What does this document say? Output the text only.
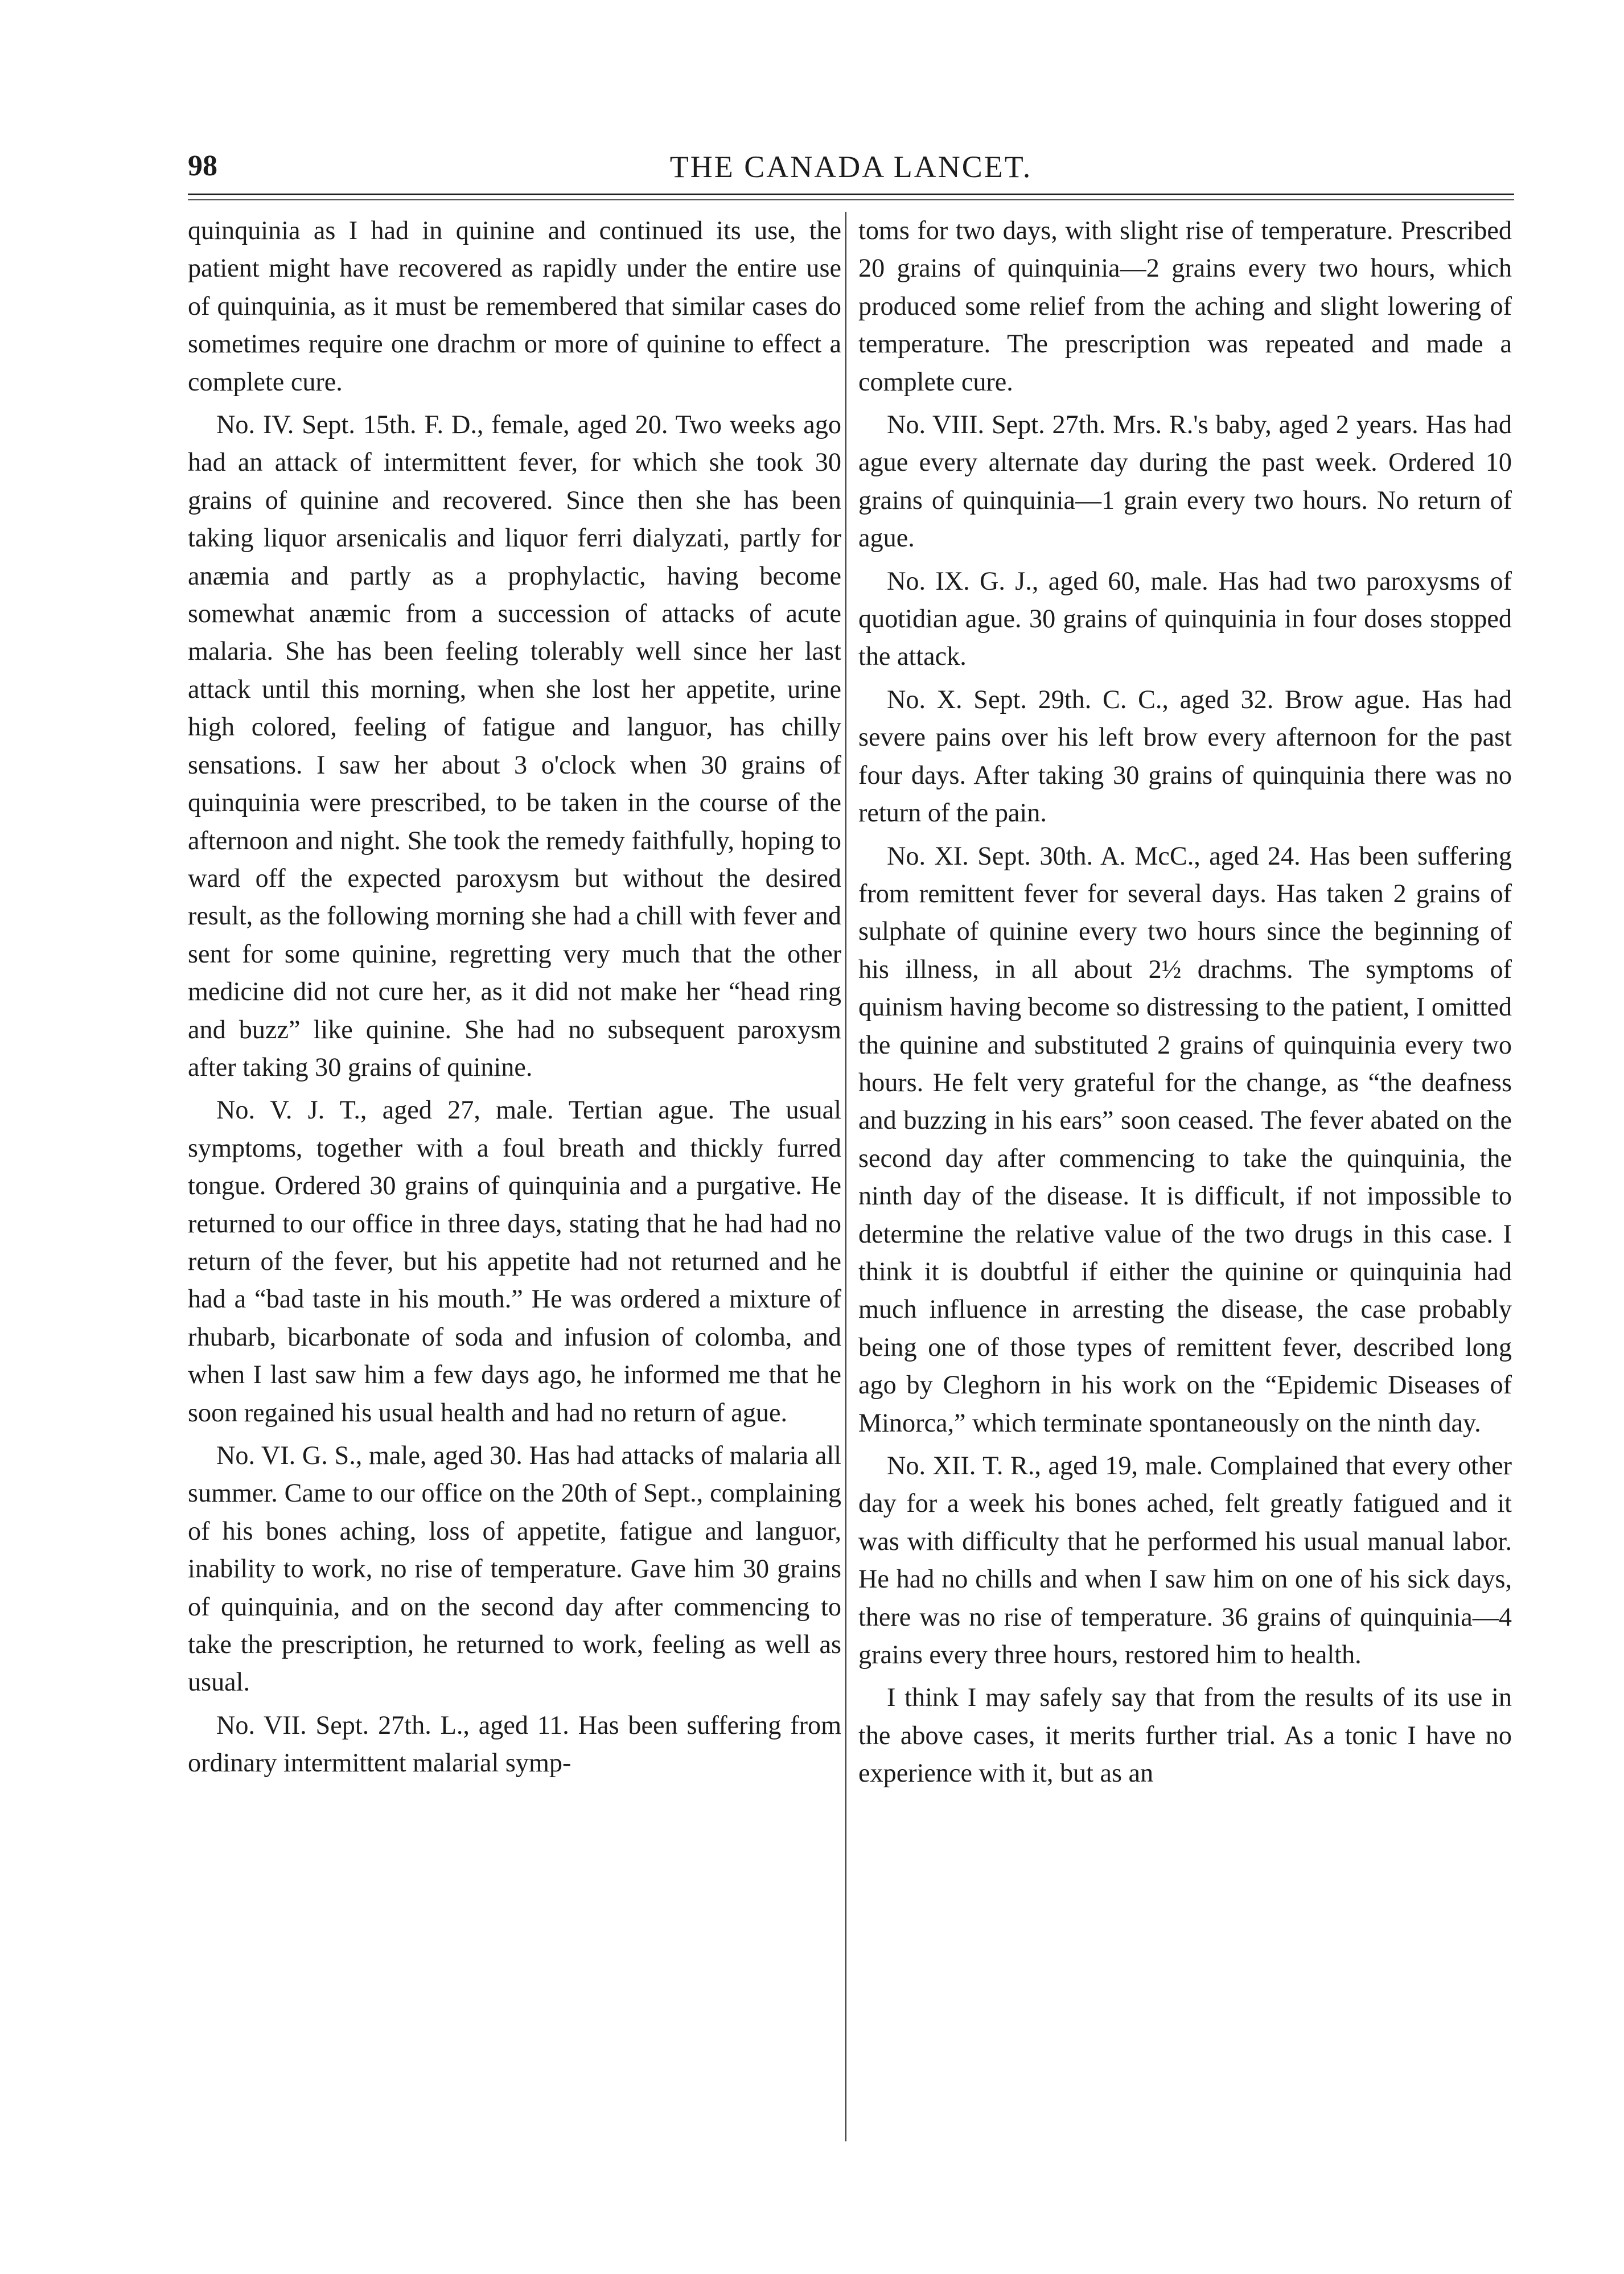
98	THE CANADA LANCET.

quinquinia as I had in quinine and continued its use, the patient might have recovered as rapidly under the entire use of quinquinia, as it must be remembered that similar cases do sometimes require one drachm or more of quinine to effect a complete cure.

No. IV. Sept. 15th. F. D., female, aged 20. Two weeks ago had an attack of intermittent fever, for which she took 30 grains of quinine and recovered. Since then she has been taking liquor arsenicalis and liquor ferri dialyzati, partly for anæmia and partly as a prophylactic, having become somewhat anæmic from a succession of attacks of acute malaria. She has been feeling tolerably well since her last attack until this morning, when she lost her appetite, urine high colored, feeling of fatigue and languor, has chilly sensations. I saw her about 3 o'clock when 30 grains of quinquinia were prescribed, to be taken in the course of the afternoon and night. She took the remedy faithfully, hoping to ward off the expected paroxysm but without the desired result, as the following morning she had a chill with fever and sent for some quinine, regretting very much that the other medicine did not cure her, as it did not make her “head ring and buzz” like quinine. She had no subsequent paroxysm after taking 30 grains of quinine.

No. V. J. T., aged 27, male. Tertian ague. The usual symptoms, together with a foul breath and thickly furred tongue. Ordered 30 grains of quinquinia and a purgative. He returned to our office in three days, stating that he had had no return of the fever, but his appetite had not returned and he had a “bad taste in his mouth.” He was ordered a mixture of rhubarb, bicarbonate of soda and infusion of colomba, and when I last saw him a few days ago, he informed me that he soon regained his usual health and had no return of ague.

No. VI. G. S., male, aged 30. Has had attacks of malaria all summer. Came to our office on the 20th of Sept., complaining of his bones aching, loss of appetite, fatigue and languor, inability to work, no rise of temperature. Gave him 30 grains of quinquinia, and on the second day after commencing to take the prescription, he returned to work, feeling as well as usual.

No. VII. Sept. 27th. L., aged 11. Has been suffering from ordinary intermittent malarial symp-

toms for two days, with slight rise of temperature. Prescribed 20 grains of quinquinia—2 grains every two hours, which produced some relief from the aching and slight lowering of temperature. The prescription was repeated and made a complete cure.

No. VIII. Sept. 27th. Mrs. R.'s baby, aged 2 years. Has had ague every alternate day during the past week. Ordered 10 grains of quinquinia—1 grain every two hours. No return of ague.

No. IX. G. J., aged 60, male. Has had two paroxysms of quotidian ague. 30 grains of quinquinia in four doses stopped the attack.

No. X. Sept. 29th. C. C., aged 32. Brow ague. Has had severe pains over his left brow every afternoon for the past four days. After taking 30 grains of quinquinia there was no return of the pain.

No. XI. Sept. 30th. A. McC., aged 24. Has been suffering from remittent fever for several days. Has taken 2 grains of sulphate of quinine every two hours since the beginning of his illness, in all about 2½ drachms. The symptoms of quinism having become so distressing to the patient, I omitted the quinine and substituted 2 grains of quinquinia every two hours. He felt very grateful for the change, as “the deafness and buzzing in his ears” soon ceased. The fever abated on the second day after commencing to take the quinquinia, the ninth day of the disease. It is difficult, if not impossible to determine the relative value of the two drugs in this case. I think it is doubtful if either the quinine or quinquinia had much influence in arresting the disease, the case probably being one of those types of remittent fever, described long ago by Cleghorn in his work on the “Epidemic Diseases of Minorca,” which terminate spontaneously on the ninth day.

No. XII. T. R., aged 19, male. Complained that every other day for a week his bones ached, felt greatly fatigued and it was with difficulty that he performed his usual manual labor. He had no chills and when I saw him on one of his sick days, there was no rise of temperature. 36 grains of quinquinia—4 grains every three hours, restored him to health.

I think I may safely say that from the results of its use in the above cases, it merits further trial. As a tonic I have no experience with it, but as an
